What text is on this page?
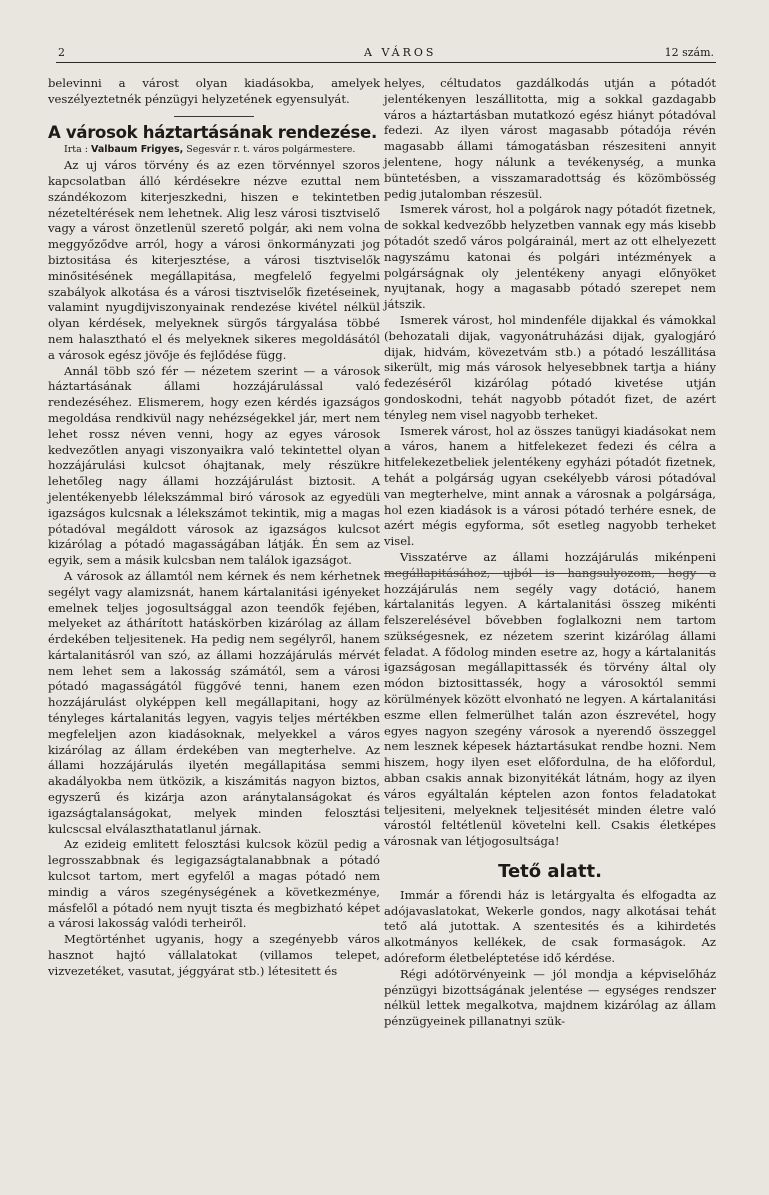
2	A VÁROS	12 szám.

belevinni a várost olyan kiadásokba, amelyek veszélyeztetnék pénzügyi helyzetének egyensulyát.

A városok háztartásának rendezése.

Irta : Valbaum Frigyes, Segesvár r. t. város polgármestere.

Az uj város törvény és az ezen törvénnyel szoros kapcsolatban álló kérdésekre nézve ezuttal nem szándékozom kiterjeszkedni, hiszen e tekintetben nézeteltérések nem lehetnek. Alig lesz városi tisztviselő vagy a várost önzetlenül szerető polgár, aki nem volna meggyőződve arról, hogy a városi önkormányzati jog biztositása és kiterjesztése, a városi tisztviselők minősitésének megállapitása, megfelelő fegyelmi szabályok alkotása és a városi tisztviselők fizetéseinek, valamint nyugdijviszonyainak rendezése kivétel nélkül olyan kérdések, melyeknek sürgős tárgyalása többé nem halasztható el és melyeknek sikeres megoldásától a városok egész jövője és fejlődése függ.

Annál több szó fér — nézetem szerint — a városok háztartásának állami hozzájárulással való rendezéséhez. Elismerem, hogy ezen kérdés igazságos megoldása rendkivül nagy nehézségekkel jár, mert nem lehet rossz néven venni, hogy az egyes városok kedvezőtlen anyagi viszonyaikra való tekintettel olyan hozzájárulási kulcsot óhajtanak, mely részükre lehetőleg nagy állami hozzájárulást biztosit. A jelentékenyebb lélekszámmal biró városok az egyedüli igazságos kulcsnak a lélekszámot tekintik, mig a magas pótadóval megáldott városok az igazságos kulcsot kizárólag a pótadó magasságában látják. Én sem az egyik, sem a másik kulcsban nem találok igazságot.

A városok az államtól nem kérnek és nem kérhetnek segélyt vagy alamizsnát, hanem kártalanitási igényeket emelnek teljes jogosultsággal azon teendők fejében, melyeket az áthárított hatáskörben kizárólag az állam érdekében teljesitenek. Ha pedig nem segélyről, hanem kártalanitásról van szó, az állami hozzájárulás mérvét nem lehet sem a lakosság számától, sem a városi pótadó magasságától függővé tenni, hanem ezen hozzájárulást olyképpen kell megállapitani, hogy az tényleges kártalanitás legyen, vagyis teljes mértékben megfeleljen azon kiadásoknak, melyekkel a város kizárólag az állam érdekében van megterhelve. Az állami hozzájárulás ilyetén megállapitása semmi akadályokba nem ütközik, a kiszámitás nagyon biztos, egyszerű és kizárja azon aránytalanságokat és igazságtalanságokat, melyek minden felosztási kulcscsal elválaszthatatlanul járnak.

Az ezideig emlitett felosztási kulcsok közül pedig a legrosszabbnak és legigazságtalanabbnak a pótadó kulcsot tartom, mert egyfelől a magas pótadó nem mindig a város szegénységének a következménye, másfelől a pótadó nem nyujt tiszta és megbizható képet a városi lakosság valódi terheiről.

Megtörténhet ugyanis, hogy a szegényebb város hasznot hajtó vállalatokat (villamos telepet, vizvezetéket, vasutat, jéggyárat stb.) létesitett és

helyes, céltudatos gazdálkodás utján a pótadót jelentékenyen leszállitotta, mig a sokkal gazdagabb város a háztartásban mutatkozó egész hiányt pótadóval fedezi. Az ilyen várost magasabb pótadója révén magasabb állami támogatásban részesiteni annyit jelentene, hogy nálunk a tevékenység, a munka büntetésben, a visszamaradottság és közömbösség pedig jutalomban részesül.

Ismerek várost, hol a polgárok nagy pótadót fizetnek, de sokkal kedvezőbb helyzetben vannak egy más kisebb pótadót szedő város polgárainál, mert az ott elhelyezett nagyszámu katonai és polgári intézmények a polgárságnak oly jelentékeny anyagi előnyöket nyujtanak, hogy a magasabb pótadó szerepet nem játszik.

Ismerek várost, hol mindenféle dijakkal és vámokkal (behozatali dijak, vagyonátruházási dijak, gyalogjáró dijak, hidvám, kövezetvám stb.) a pótadó leszállitása sikerült, mig más városok helyesebbnek tartja a hiány fedezéséről kizárólag pótadó kivetése utján gondoskodni, tehát nagyobb pótadót fizet, de azért tényleg nem visel nagyobb terheket.

Ismerek várost, hol az összes tanügyi kiadásokat nem a város, hanem a hitfelekezet fedezi és célra a hitfelekezetbeliek jelentékeny egyházi pótadót fizetnek, tehát a polgárság ugyan csekélyebb városi pótadóval van megterhelve, mint annak a városnak a polgársága, hol ezen kiadások is a városi pótadó terhére esnek, de azért mégis egyforma, sőt esetleg nagyobb terheket visel.

Visszatérve az állami hozzájárulás mikénpeni megállapitásához, ujból is hangsulyozom, hogy a hozzájárulás nem segély vagy dotáció, hanem kártalanitás legyen. A kártalanitási összeg mikénti felszerelésével bővebben foglalkozni nem tartom szükségesnek, ez nézetem szerint kizárólag állami feladat. A fődolog minden esetre az, hogy a kártalanitás igazságosan megállapittassék és törvény által oly módon biztosittassék, hogy a városoktól semmi körülmények között elvonható ne legyen. A kártalanitási eszme ellen felmerülhet talán azon észrevétel, hogy egyes nagyon szegény városok a nyerendő összeggel nem lesznek képesek háztartásukat rendbe hozni. Nem hiszem, hogy ilyen eset előfordulna, de ha előfordul, abban csakis annak bizonyitékát látnám, hogy az ilyen város egyáltalán képtelen azon fontos feladatokat teljesiteni, melyeknek teljesitését minden életre való várostól feltétlenül követelni kell. Csakis életképes városnak van létjogosultsága!

Tető alatt.

Immár a főrendi ház is letárgyalta és elfogadta az adójavaslatokat, Wekerle gondos, nagy alkotásai tehát tető alá jutottak. A szentesités és a kihirdetés alkotmányos kellékek, de csak formaságok. Az adóreform életbeléptetése idő kérdése.

Régi adótörvényeink — jól mondja a képviselőház pénzügyi bizottságának jelentése — egységes rendszer nélkül lettek megalkotva, majdnem kizárólag az állam pénzügyeinek pillanatnyi szük-
